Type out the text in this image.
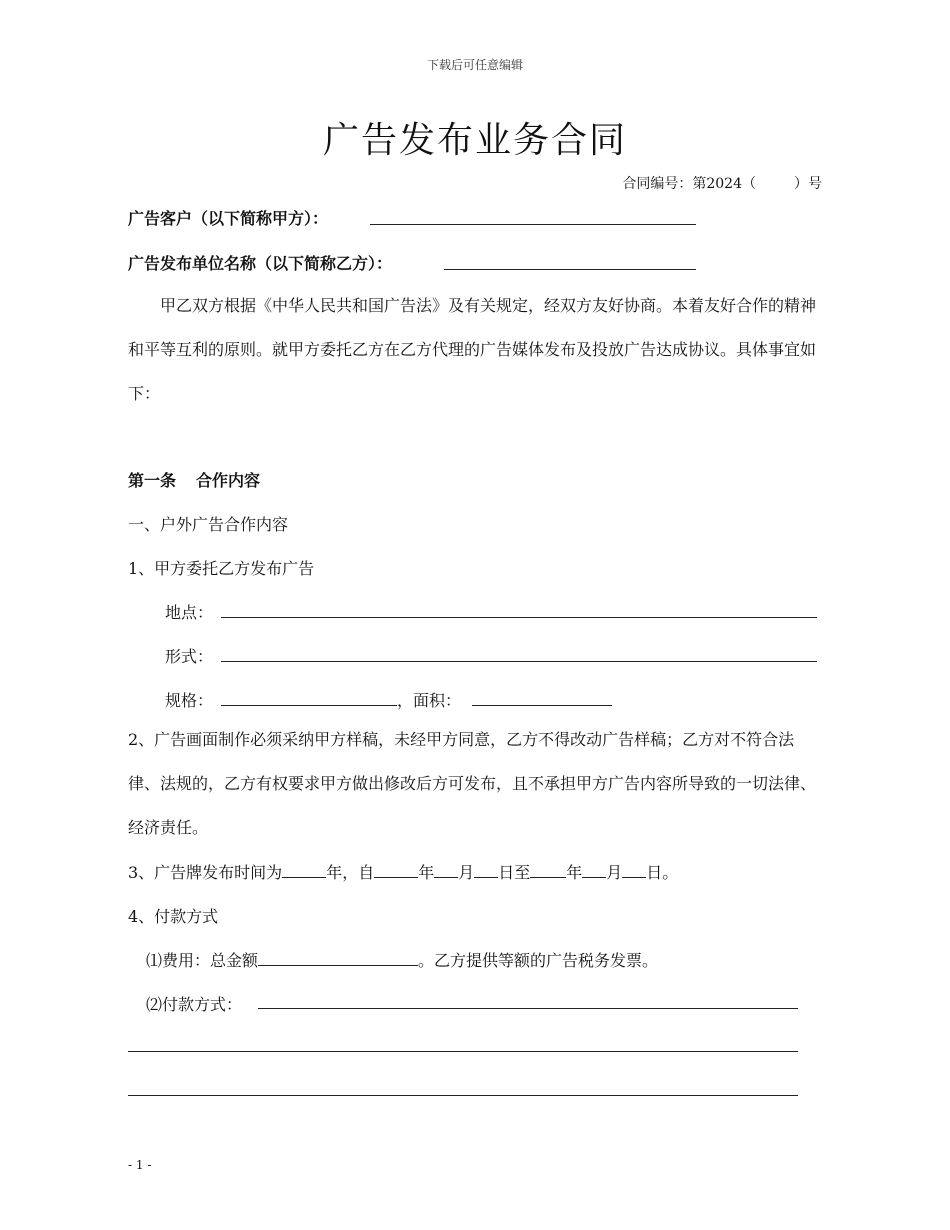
下载后可任意编辑
广告发布业务合同
合同编号：第2024（	）号
广告客户（以下简称甲方）：
广告发布单位名称（以下简称乙方）：
甲乙双方根据《中华人民共和国广告法》及有关规定，经双方友好协商。本着友好合作的精神和平等互利的原则。就甲方委托乙方在乙方代理的广告媒体发布及投放广告达成协议。具体事宜如下：
第一条 合作内容
一、户外广告合作内容
1、甲方委托乙方发布广告
地点：
形式：
规格：	，面积：
2、广告画面制作必须采纳甲方样稿，未经甲方同意，乙方不得改动广告样稿；乙方对不符合法律、法规的，乙方有权要求甲方做出修改后方可发布，且不承担甲方广告内容所导致的一切法律、经济责任。
3、广告牌发布时间为	年，自	年 月 日至 年 月 日。
4、付款方式
⑴费用：总金额	。乙方提供等额的广告税务发票。
⑵付款方式：
- 1 -
